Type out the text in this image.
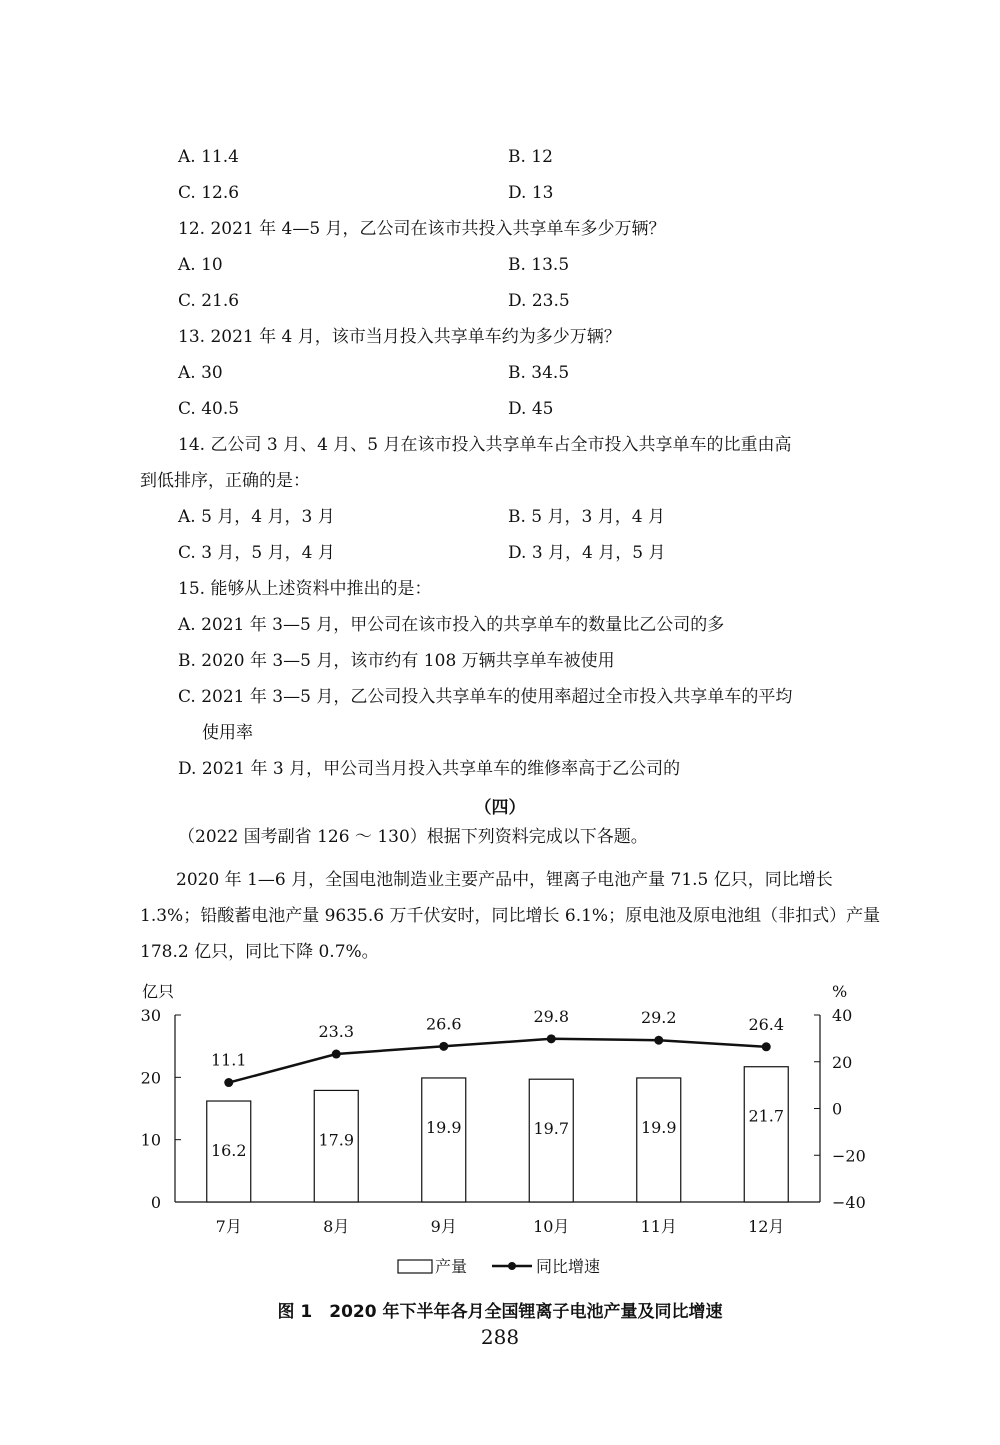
A. 11.4	B. 12
C. 12.6	D. 13
12. 2021 年 4—5 月，乙公司在该市共投入共享单车多少万辆？
A. 10	B. 13.5
C. 21.6	D. 23.5
13. 2021 年 4 月，该市当月投入共享单车约为多少万辆？
A. 30	B. 34.5
C. 40.5	D. 45
14. 乙公司 3 月、4 月、5 月在该市投入共享单车占全市投入共享单车的比重由高
到低排序，正确的是：
A. 5 月，4 月，3 月	B. 5 月，3 月，4 月
C. 3 月，5 月，4 月	D. 3 月，4 月，5 月
15. 能够从上述资料中推出的是：
A. 2021 年 3—5 月，甲公司在该市投入的共享单车的数量比乙公司的多
B. 2020 年 3—5 月，该市约有 108 万辆共享单车被使用
C. 2021 年 3—5 月，乙公司投入共享单车的使用率超过全市投入共享单车的平均
使用率
D. 2021 年 3 月，甲公司当月投入共享单车的维修率高于乙公司的
（四）
（2022 国考副省 126 ～ 130）根据下列资料完成以下各题。
2020 年 1—6 月，全国电池制造业主要产品中，锂离子电池产量 71.5 亿只，同比增长 1.3%；铅酸蓄电池产量 9635.6 万千伏安时，同比增长 6.1%；原电池及原电池组（非扣式）产量 178.2 亿只，同比下降 0.7%。
亿只	%
0
10
20
30
−40
−20
0
20
40
16.2
17.9
19.9	19.7	19.9
21.7
11.1
23.3	26.6	29.8	29.2	26.4
7月	8月	9月	10月	11月	12月
产量	同比增速
图 1　2020 年下半年各月全国锂离子电池产量及同比增速
288
